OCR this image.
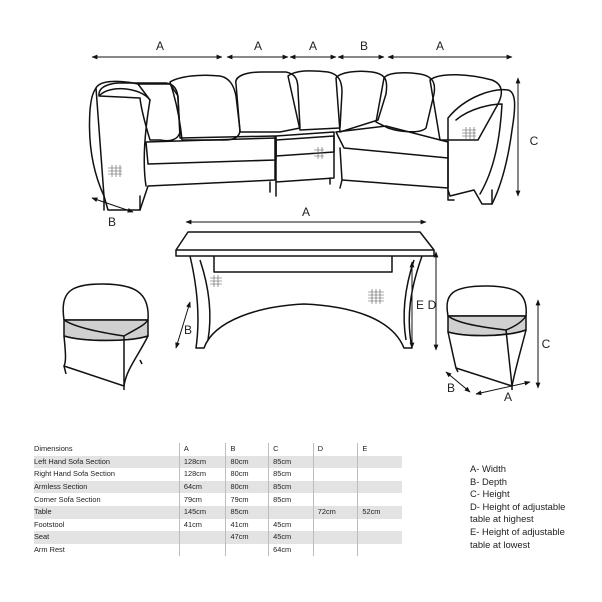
A	A	A	B	A
C
B
A
E D
B
C
B
A
Dimensions	A	B	C	D	E
Left Hand Sofa Section	128cm	80cm	85cm		
Right Hand Sofa Section	128cm	80cm	85cm		
Armless Section	64cm	80cm	85cm		
Corner Sofa Section	79cm	79cm	85cm		
Table	145cm	85cm		72cm	52cm
Footstool	41cm	41cm	45cm		
Seat		47cm	45cm		
Arm Rest			64cm		
A- Width
B- Depth
C- Height
D- Height of adjustable
table at highest
E- Height of adjustable
table at lowest
